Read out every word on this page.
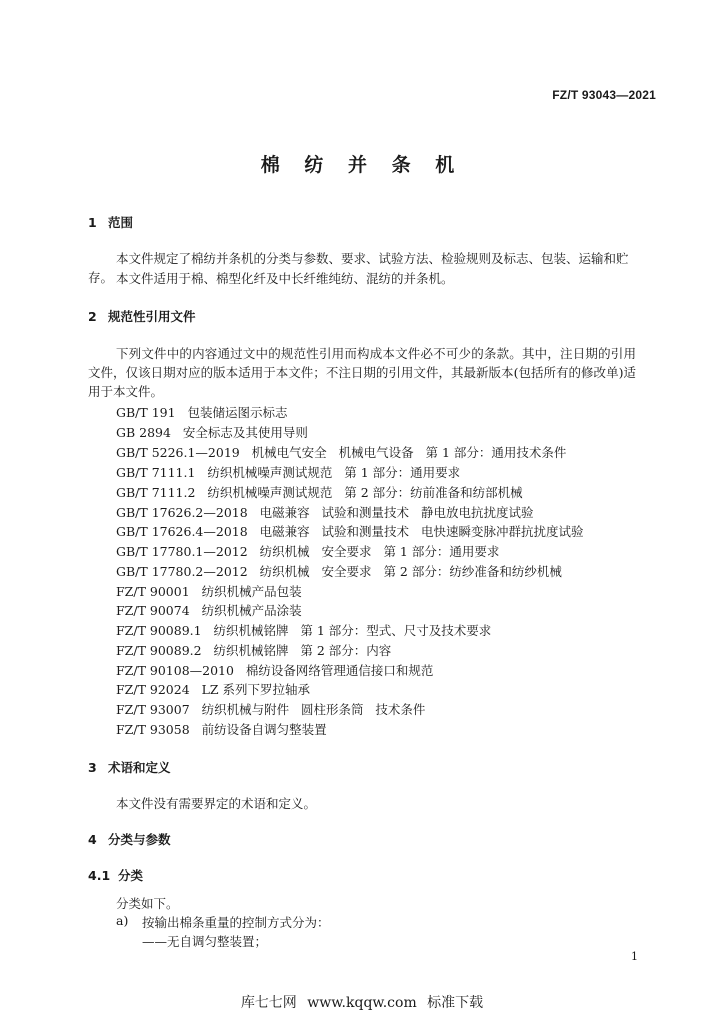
FZ/T 93043—2021
棉 纺 并 条 机
1 范围

本文件规定了棉纺并条机的分类与参数、要求、试验方法、检验规则及标志、包装、运输和贮存。 本文件适用于棉、棉型化纤及中长纤维纯纺、混纺的并条机。

2 规范性引用文件

下列文件中的内容通过文中的规范性引用而构成本文件必不可少的条款。其中，注日期的引用文件，仅该日期对应的版本适用于本文件；不注日期的引用文件，其最新版本(包括所有的修改单)适用于本文件。

GB/T 191   包装储运图示标志
GB 2894   安全标志及其使用导则
GB/T 5226.1—2019   机械电气安全   机械电气设备   第 1 部分：通用技术条件
GB/T 7111.1   纺织机械噪声测试规范   第 1 部分：通用要求
GB/T 7111.2   纺织机械噪声测试规范   第 2 部分：纺前准备和纺部机械
GB/T 17626.2—2018   电磁兼容   试验和测量技术   静电放电抗扰度试验
GB/T 17626.4—2018   电磁兼容   试验和测量技术   电快速瞬变脉冲群抗扰度试验
GB/T 17780.1—2012   纺织机械   安全要求   第 1 部分：通用要求
GB/T 17780.2—2012   纺织机械   安全要求   第 2 部分：纺纱准备和纺纱机械
FZ/T 90001   纺织机械产品包装
FZ/T 90074   纺织机械产品涂装
FZ/T 90089.1   纺织机械铭牌   第 1 部分：型式、尺寸及技术要求
FZ/T 90089.2   纺织机械铭牌   第 2 部分：内容
FZ/T 90108—2010   棉纺设备网络管理通信接口和规范
FZ/T 92024   LZ 系列下罗拉轴承
FZ/T 93007   纺织机械与附件   圆柱形条筒   技术条件
FZ/T 93058   前纺设备自调匀整装置
3 术语和定义

本文件没有需要界定的术语和定义。

4 分类与参数
4.1 分类
分类如下。
a) 按输出棉条重量的控制方式分为：
——无自调匀整装置；
1
库七七网 www.kqqw.com 标准下载
